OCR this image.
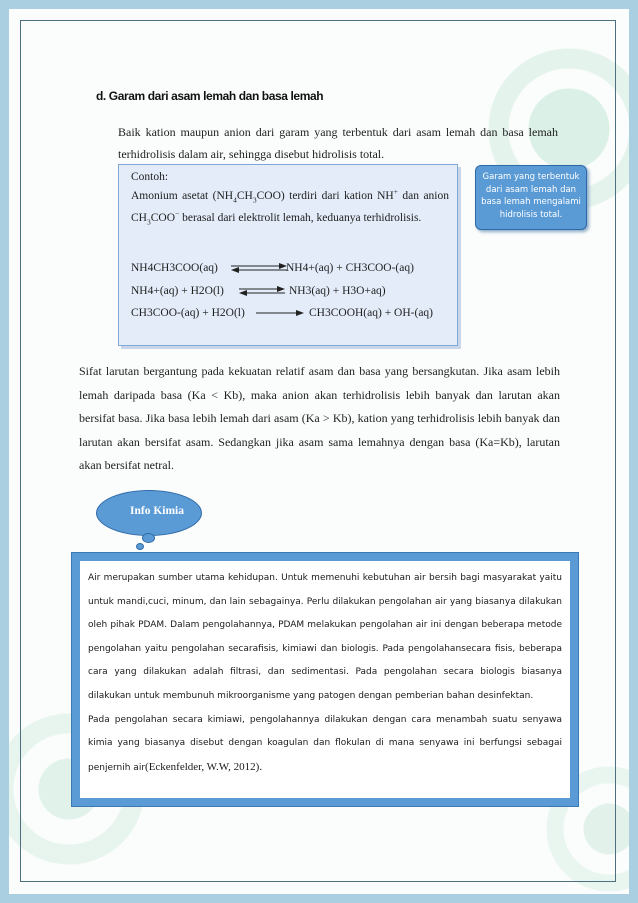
d. Garam dari asam lemah dan basa lemah
Baik kation maupun anion dari garam yang terbentuk dari asam lemah dan basa lemah terhidrolisis dalam air, sehingga disebut hidrolisis total.
Contoh:
Amonium asetat $(NH_4CH_3COO)$ terdiri dari kation NH+ dan anion $CH_3COO^-$ berasal dari elektrolit lemah, keduanya terhidrolisis.
NH4CH3COO(aq)	NH4+(aq) + CH3COO-(aq)
NH4+(aq) + H2O(l)	NH3(aq) + H3O+aq)
CH3COO-(aq) + H2O(l)	CH3COOH(aq) + OH-(aq)
Garam yang terbentuk dari asam lemah dan basa lemah mengalami hidrolisis total.
Sifat larutan bergantung pada kekuatan relatif asam dan basa yang bersangkutan. Jika asam lebih lemah daripada basa (Ka < Kb), maka anion akan terhidrolisis lebih banyak dan larutan akan bersifat basa. Jika basa lebih lemah dari asam (Ka > Kb), kation yang terhidrolisis lebih banyak dan larutan akan bersifat asam. Sedangkan jika asam sama lemahnya dengan basa (Ka=Kb), larutan akan bersifat netral.
Info Kimia
Air merupakan sumber utama kehidupan. Untuk memenuhi kebutuhan air bersih bagi masyarakat yaitu untuk mandi,cuci, minum, dan lain sebagainya. Perlu dilakukan pengolahan air yang biasanya dilakukan oleh pihak PDAM. Dalam pengolahannya, PDAM melakukan pengolahan air ini dengan beberapa metode pengolahan yaitu pengolahan secarafisis, kimiawi dan biologis. Pada pengolahansecara fisis, beberapa cara yang dilakukan adalah filtrasi, dan sedimentasi. Pada pengolahan secara biologis biasanya dilakukan untuk membunuh mikroorganisme yang patogen dengan pemberian bahan desinfektan.
Pada pengolahan secara kimiawi, pengolahannya dilakukan dengan cara menambah suatu senyawa kimia yang biasanya disebut dengan koagulan dan flokulan di mana senyawa ini berfungsi sebagai penjernih air(Eckenfelder, W.W, 2012).
